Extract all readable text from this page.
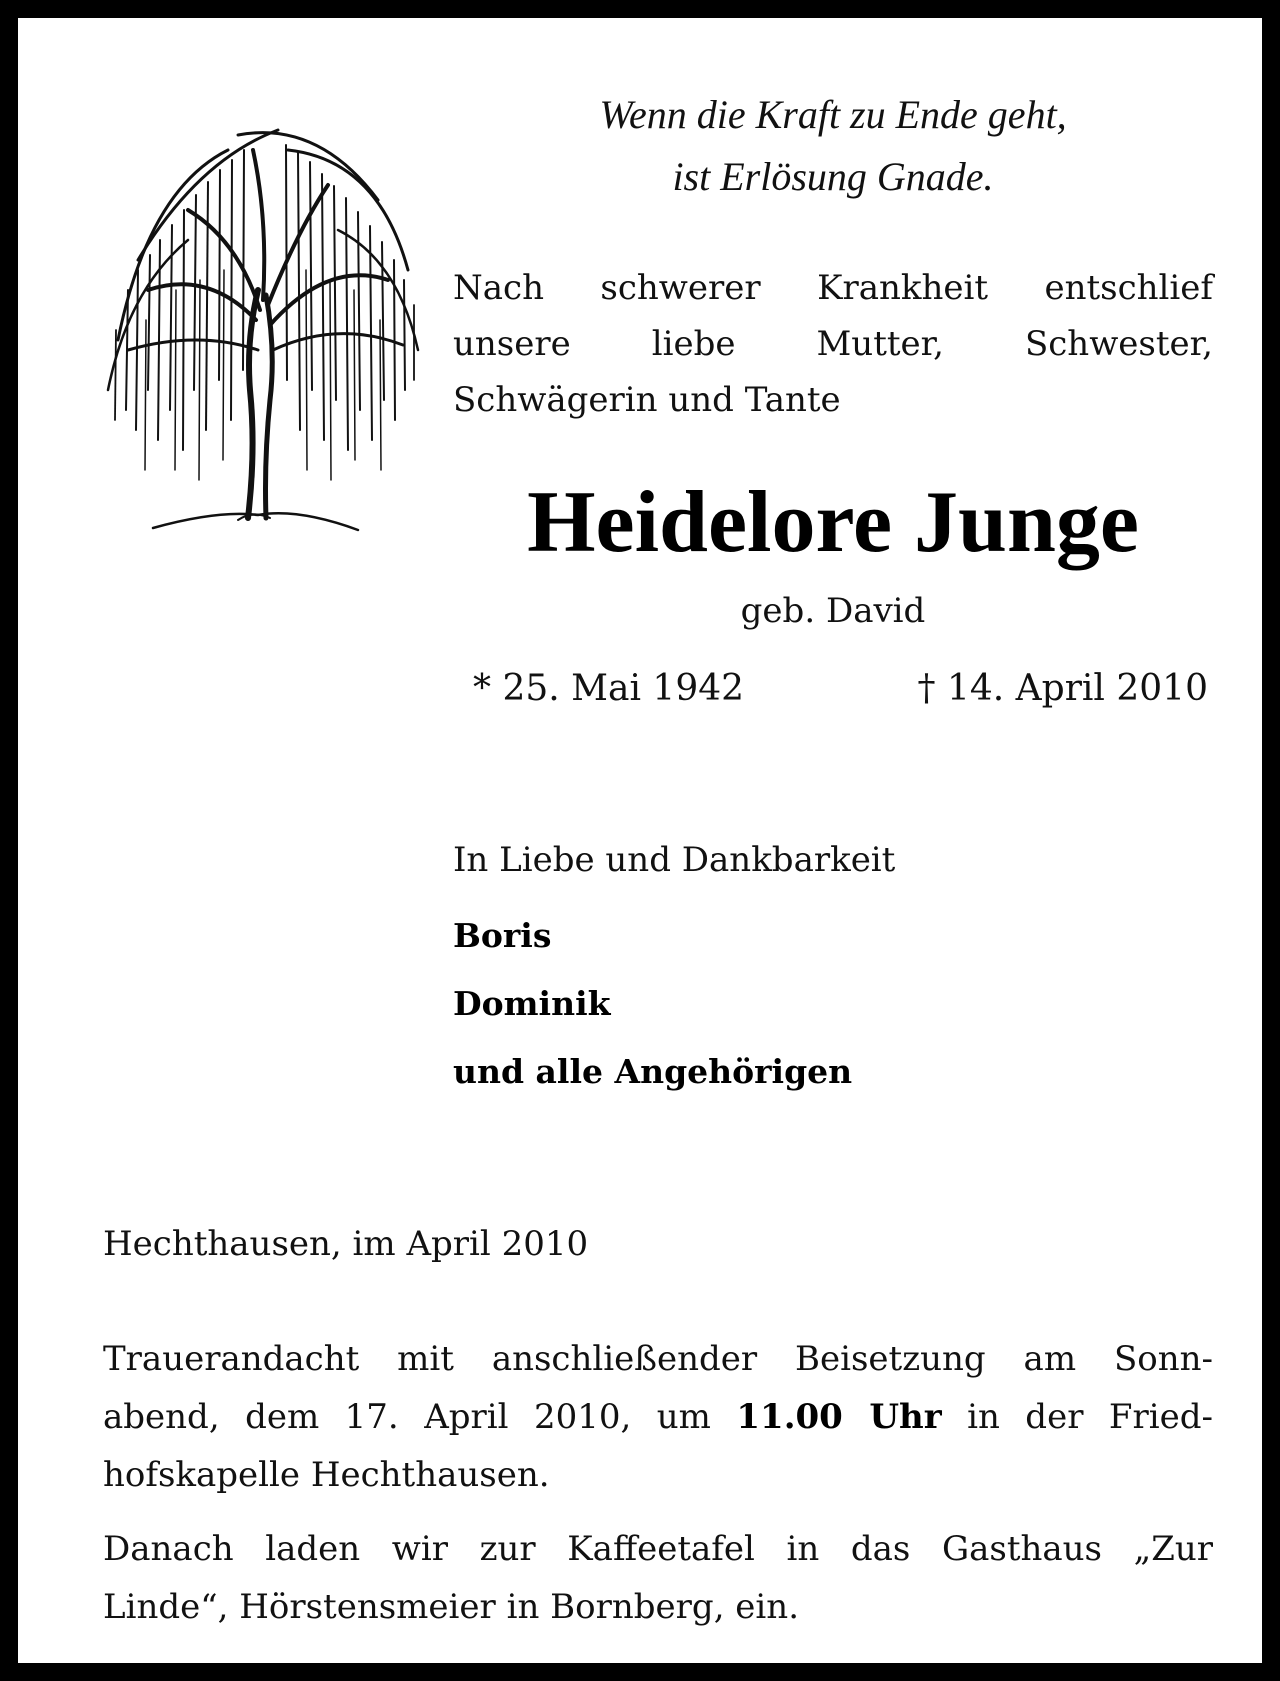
Wenn die Kraft zu Ende geht,
ist Erlösung Gnade.
Nach schwerer Krankheit entschlief
unsere liebe Mutter, Schwester,
Schwägerin und Tante
Heidelore Junge
geb. David
* 25. Mai 1942	† 14. April 2010
In Liebe und Dankbarkeit
Boris
Dominik
und alle Angehörigen
Hechthausen, im April 2010
Trauerandacht mit anschließender Beisetzung am Sonn-
abend, dem 17. April 2010, um 11.00 Uhr in der Fried-
hofskapelle Hechthausen.
Danach laden wir zur Kaffeetafel in das Gasthaus „Zur
Linde“, Hörstensmeier in Bornberg, ein.
